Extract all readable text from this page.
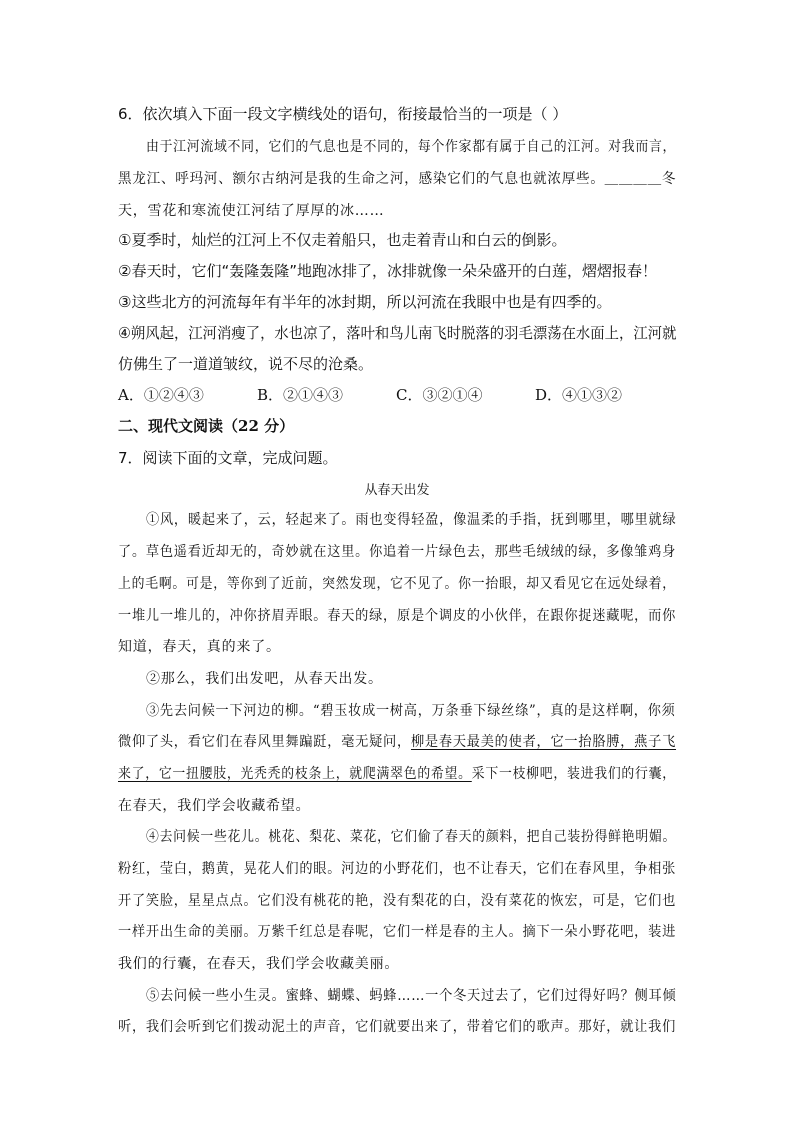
6．依次填入下面一段文字横线处的语句，衔接最恰当的一项是（ ）
由于江河流域不同，它们的气息也是不同的，每个作家都有属于自己的江河。对我而言，
黑龙江、呼玛河、额尔古纳河是我的生命之河，感染它们的气息也就浓厚些。＿＿＿＿冬
天，雪花和寒流使江河结了厚厚的冰……
①夏季时，灿烂的江河上不仅走着船只，也走着青山和白云的倒影。
②春天时，它们“轰隆轰隆”地跑冰排了，冰排就像一朵朵盛开的白莲，熠熠报春！
③这些北方的河流每年有半年的冰封期，所以河流在我眼中也是有四季的。
④朔风起，江河消瘦了，水也凉了，落叶和鸟儿南飞时脱落的羽毛漂荡在水面上，江河就
仿佛生了一道道皱纹，说不尽的沧桑。
A．①②④③	B．②①④③	C．③②①④	D．④①③②
二、现代文阅读（22 分）
7．阅读下面的文章，完成问题。
从春天出发
①风，暖起来了，云，轻起来了。雨也变得轻盈，像温柔的手指，抚到哪里，哪里就绿
了。草色遥看近却无的，奇妙就在这里。你追着一片绿色去，那些毛绒绒的绿，多像雏鸡身
上的毛啊。可是，等你到了近前，突然发现，它不见了。你一抬眼，却又看见它在远处绿着，
一堆儿一堆儿的，冲你挤眉弄眼。春天的绿，原是个调皮的小伙伴，在跟你捉迷藏呢，而你
知道，春天，真的来了。
②那么，我们出发吧，从春天出发。
③先去问候一下河边的柳。“碧玉妆成一树高，万条垂下绿丝绦”，真的是这样啊，你须
微仰了头，看它们在春风里舞蹁跹，毫无疑问，柳是春天最美的使者，它一抬胳膊，燕子飞
来了，它一扭腰肢，光秃秃的枝条上，就爬满翠色的希望。采下一枝柳吧，装进我们的行囊，
在春天，我们学会收藏希望。
④去问候一些花儿。桃花、梨花、菜花，它们偷了春天的颜料，把自己装扮得鲜艳明媚。
粉红，莹白，鹅黄，晃花人们的眼。河边的小野花们，也不让春天，它们在春风里，争相张
开了笑脸，星星点点。它们没有桃花的艳，没有梨花的白，没有菜花的恢宏，可是，它们也
一样开出生命的美丽。万紫千红总是春呢，它们一样是春的主人。摘下一朵小野花吧，装进
我们的行囊，在春天，我们学会收藏美丽。
⑤去问候一些小生灵。蜜蜂、蝴蝶、蚂蜂……一个冬天过去了，它们过得好吗？侧耳倾
听，我们会听到它们拨动泥土的声音，它们就要出来了，带着它们的歌声。那好，就让我们
